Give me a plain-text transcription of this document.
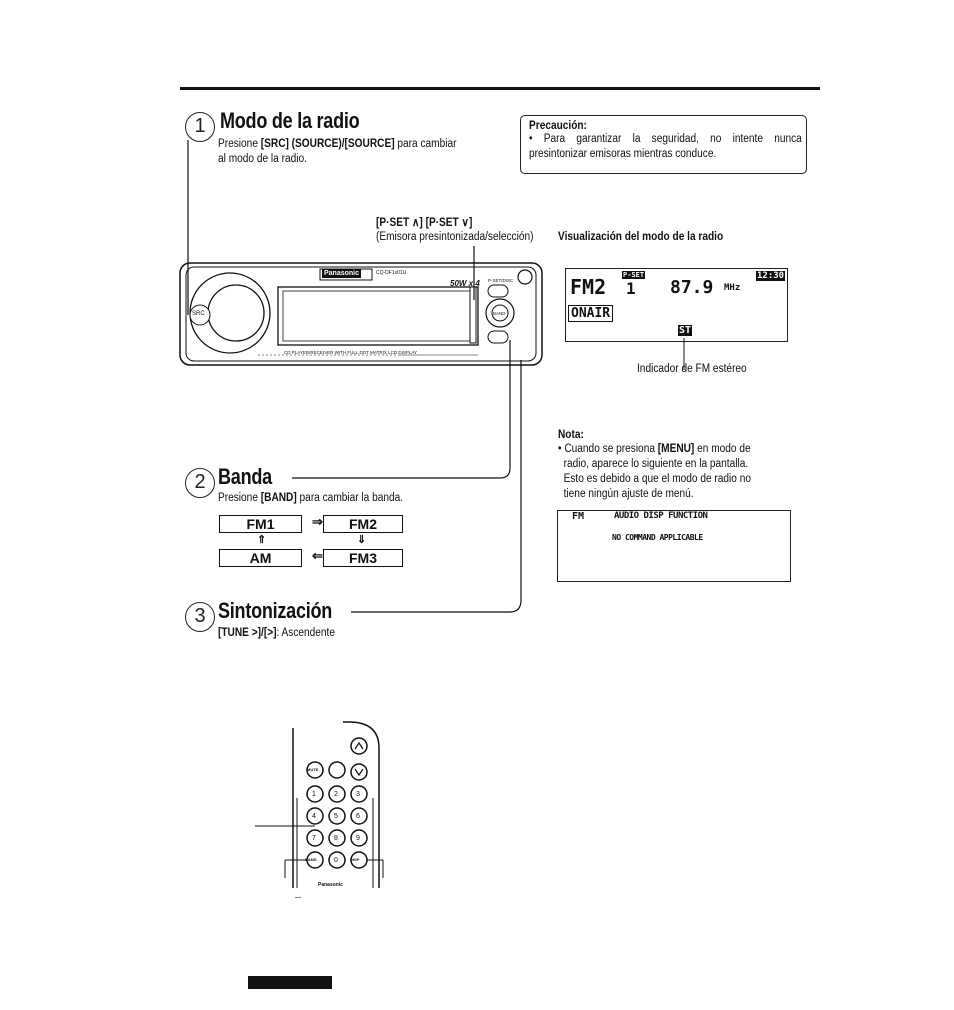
1 Modo de la radio
Presione [SRC] (SOURCE)/[SOURCE] para cambiar
al modo de la radio.
Precaución:
• Para garantizar la seguridad, no intente nunca presintonizar emisoras mientras conduce.
[P·SET ∧] [P·SET ∨]
(Emisora presintonizada/selección) Visualización del modo de la radio
Panasonic	CQ-DF1x01U
50W x 4
SRC	BAND
P·SET/DISC
CD PLAYER/RECEIVER WITH FULL DOT MATRIX LCD DISPLAY
FM2 P-SET
1 87.9 MHz
12:30
ONAIR
ST
Indicador de FM estéreo
Nota:
• Cuando se presiona [MENU] en modo de
radio, aparece lo siguiente en la pantalla.
Esto es debido a que el modo de radio no
tiene ningún ajuste de menú.
FM	AUDIO DISP FUNCTION
NO COMMAND APPLICABLE
2 Banda
Presione [BAND] para cambiar la banda.
FM1	⇒	FM2
⇑	⇓
AM	⇐	FM3
3 Sintonización
[TUNE >]/[>]: Ascendente
MUTE
1	2	3
4	5	6
7	8	9
BAND 0	DISP
Panasonic
